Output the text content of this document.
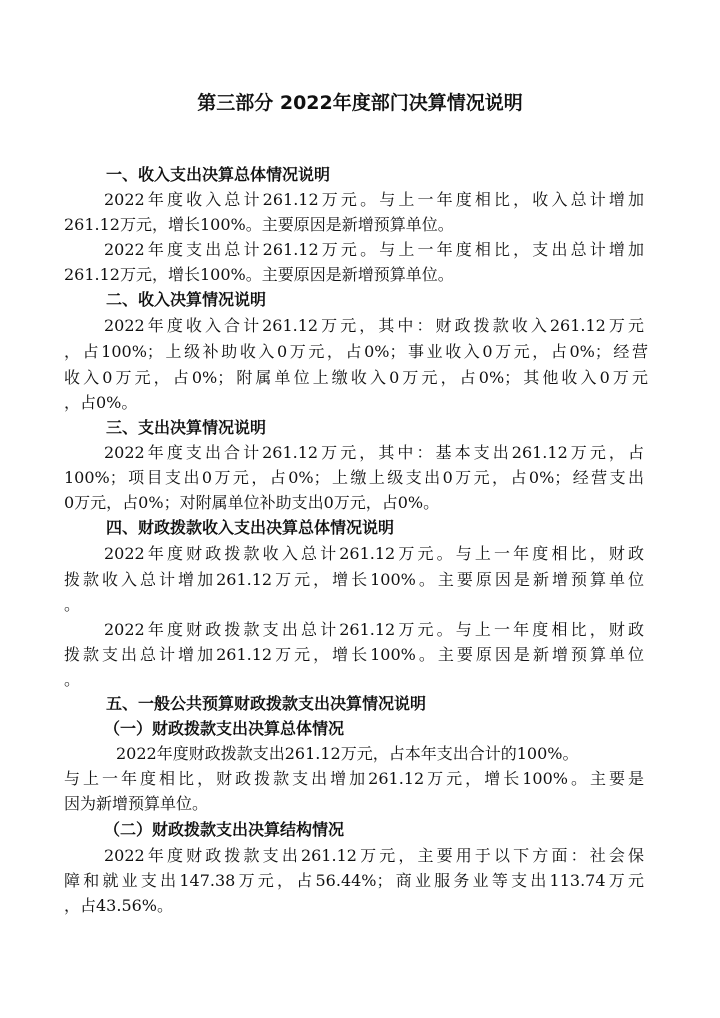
第三部分 2022年度部门决算情况说明
一、收入支出决算总体情况说明
2022年度收入总计261.12万元。与上一年度相比，收入总计增加
261.12万元，增长100%。主要原因是新增预算单位。
2022年度支出总计261.12万元。与上一年度相比，支出总计增加
261.12万元，增长100%。主要原因是新增预算单位。
二、收入决算情况说明
2022年度收入合计261.12万元，其中：财政拨款收入261.12万元
，占100%；上级补助收入0万元，占0%；事业收入0万元，占0%；经营
收入0万元，占0%；附属单位上缴收入0万元，占0%；其他收入0万元
，占0%。
三、支出决算情况说明
2022年度支出合计261.12万元，其中：基本支出261.12万元，占
100%；项目支出0万元，占0%；上缴上级支出0万元，占0%；经营支出
0万元，占0%；对附属单位补助支出0万元，占0%。
四、财政拨款收入支出决算总体情况说明
2022年度财政拨款收入总计261.12万元。与上一年度相比，财政
拨款收入总计增加261.12万元，增长100%。主要原因是新增预算单位
。
2022年度财政拨款支出总计261.12万元。与上一年度相比，财政
拨款支出总计增加261.12万元，增长100%。主要原因是新增预算单位
。
五、一般公共预算财政拨款支出决算情况说明
（一）财政拨款支出决算总体情况
2022年度财政拨款支出261.12万元，占本年支出合计的100%。
与上一年度相比，财政拨款支出增加261.12万元，增长100%。主要是
因为新增预算单位。
（二）财政拨款支出决算结构情况
2022年度财政拨款支出261.12万元，主要用于以下方面：社会保
障和就业支出147.38万元，占56.44%；商业服务业等支出113.74万元
，占43.56%。
